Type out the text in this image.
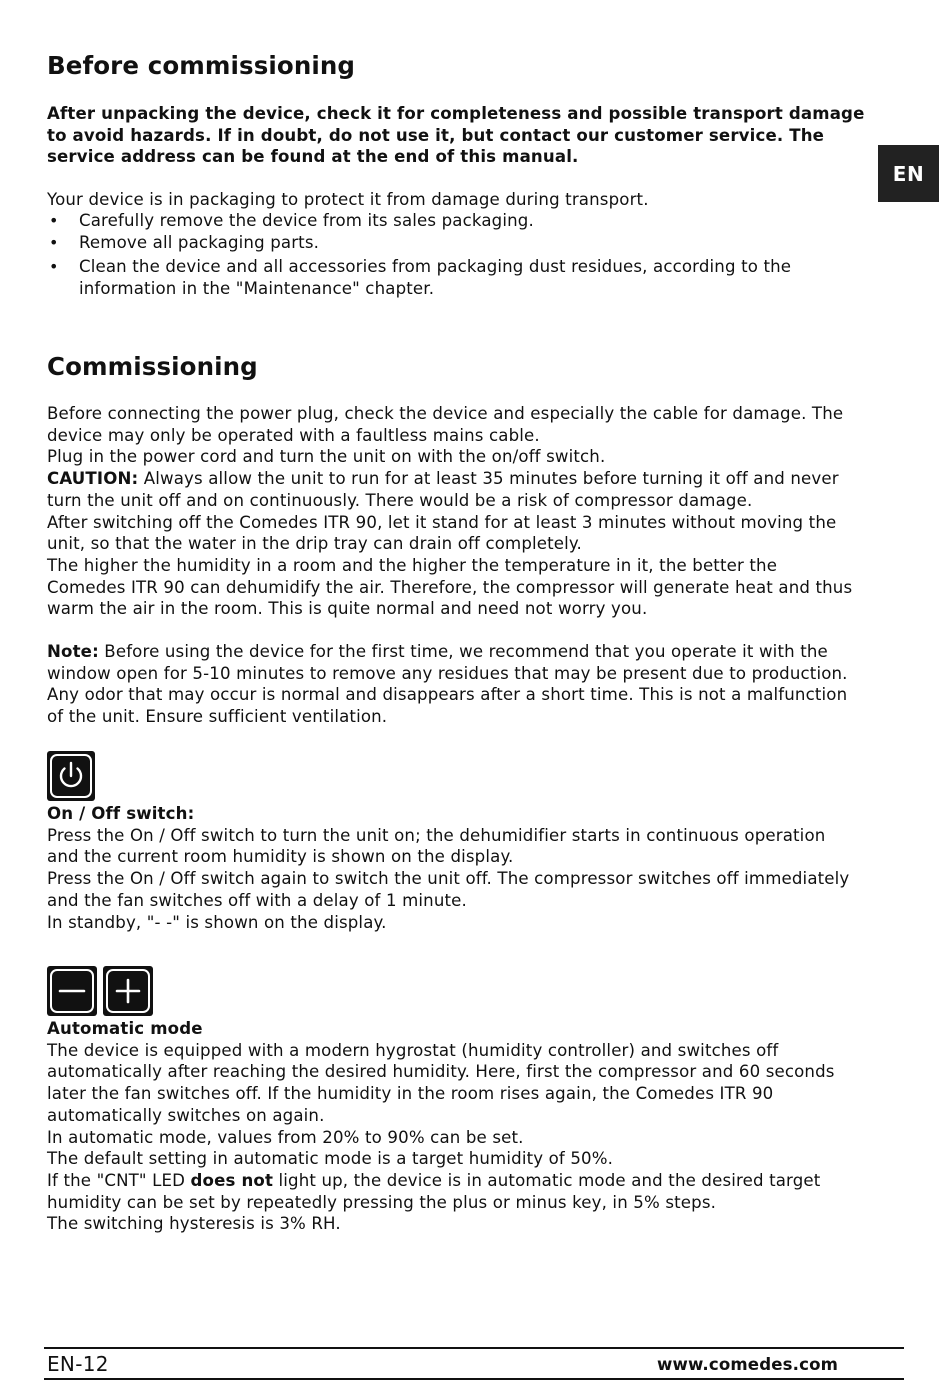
EN
Before commissioning

After unpacking the device, check it for completeness and possible transport damage

to avoid hazards. If in doubt, do not use it, but contact our customer service. The

service address can be found at the end of this manual.

Your device is in packaging to protect it from damage during transport.

• Carefully remove the device from its sales packaging.
• Remove all packaging parts.
• Clean the device and all accessories from packaging dust residues, according to the
information in the "Maintenance" chapter.
Commissioning

Before connecting the power plug, check the device and especially the cable for damage. The

device may only be operated with a faultless mains cable.

Plug in the power cord and turn the unit on with the on/off switch.

CAUTION: Always allow the unit to run for at least 35 minutes before turning it off and never

turn the unit off and on continuously. There would be a risk of compressor damage.

After switching off the Comedes ITR 90, let it stand for at least 3 minutes without moving the

unit, so that the water in the drip tray can drain off completely.

The higher the humidity in a room and the higher the temperature in it, the better the

Comedes ITR 90 can dehumidify the air. Therefore, the compressor will generate heat and thus

warm the air in the room. This is quite normal and need not worry you.

Note: Before using the device for the first time, we recommend that you operate it with the

window open for 5-10 minutes to remove any residues that may be present due to production.

Any odor that may occur is normal and disappears after a short time. This is not a malfunction

of the unit. Ensure sufficient ventilation.

On / Off switch:

Press the On / Off switch to turn the unit on; the dehumidifier starts in continuous operation

and the current room humidity is shown on the display.

Press the On / Off switch again to switch the unit off. The compressor switches off immediately

and the fan switches off with a delay of 1 minute.

In standby, "- -" is shown on the display.

Automatic mode

The device is equipped with a modern hygrostat (humidity controller) and switches off

automatically after reaching the desired humidity. Here, first the compressor and 60 seconds

later the fan switches off. If the humidity in the room rises again, the Comedes ITR 90

automatically switches on again.

In automatic mode, values from 20% to 90% can be set.

The default setting in automatic mode is a target humidity of 50%.

If the "CNT" LED does not light up, the device is in automatic mode and the desired target

humidity can be set by repeatedly pressing the plus or minus key, in 5% steps.

The switching hysteresis is 3% RH.

EN-12	www.comedes.com
